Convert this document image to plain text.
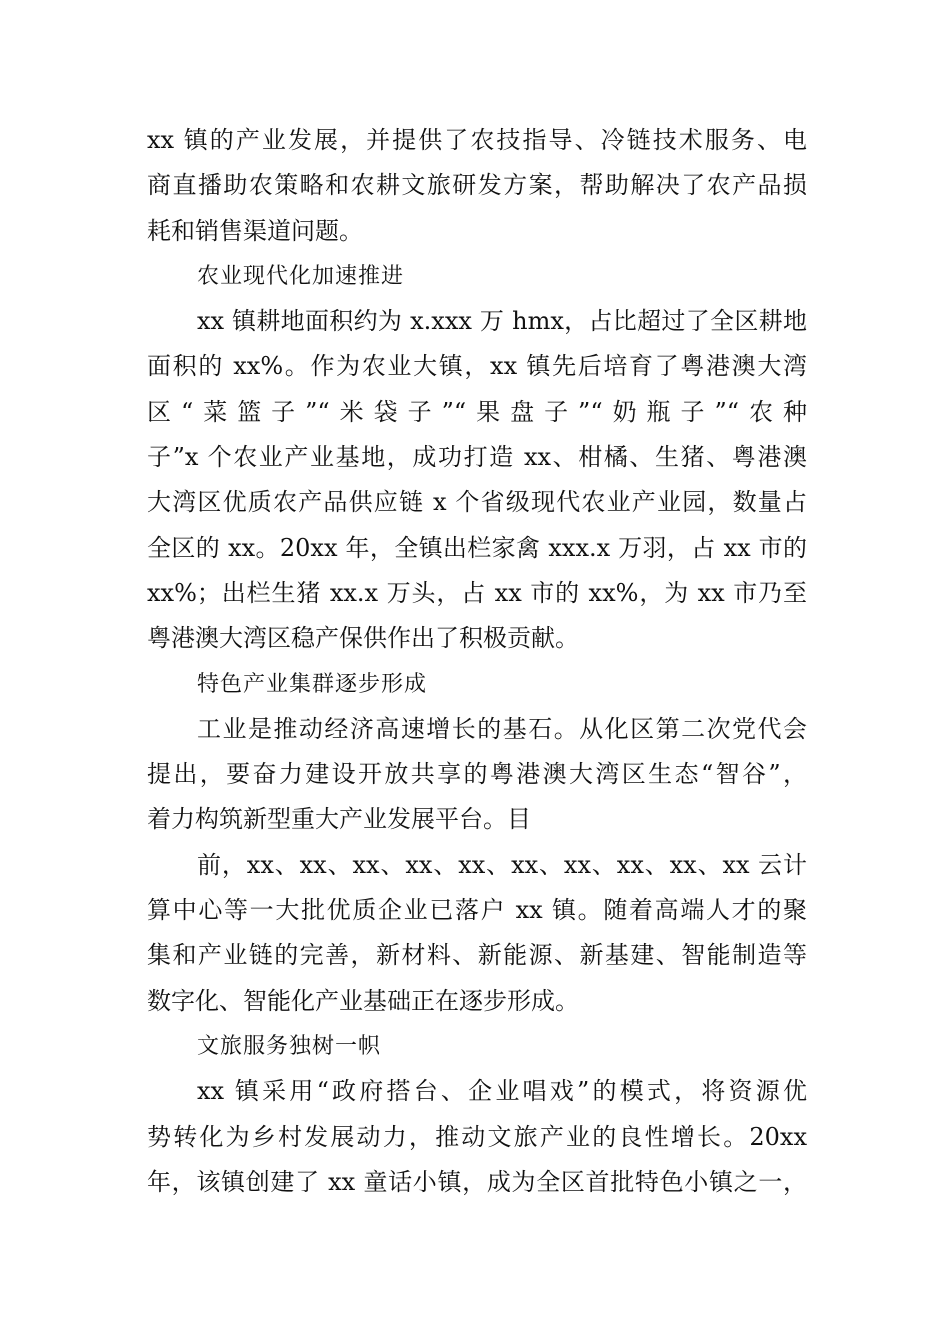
xx 镇的产业发展，并提供了农技指导、冷链技术服务、电
商直播助农策略和农耕文旅研发方案，帮助解决了农产品损
耗和销售渠道问题。
农业现代化加速推进
xx 镇耕地面积约为 x.xxx 万 hmx，占比超过了全区耕地
面积的 xx%。作为农业大镇，xx 镇先后培育了粤港澳大湾
区“菜篮子”“米袋子”“果盘子”“奶瓶子”“农种
子”x 个农业产业基地，成功打造 xx、柑橘、生猪、粤港澳
大湾区优质农产品供应链 x 个省级现代农业产业园，数量占
全区的 xx。20xx 年，全镇出栏家禽 xxx.x 万羽，占 xx 市的
xx%；出栏生猪 xx.x 万头，占 xx 市的 xx%，为 xx 市乃至
粤港澳大湾区稳产保供作出了积极贡献。
特色产业集群逐步形成
工业是推动经济高速增长的基石。从化区第二次党代会
提出，要奋力建设开放共享的粤港澳大湾区生态“智谷”，
着力构筑新型重大产业发展平台。目
前，xx、xx、xx、xx、xx、xx、xx、xx、xx、xx 云计
算中心等一大批优质企业已落户 xx 镇。随着高端人才的聚
集和产业链的完善，新材料、新能源、新基建、智能制造等
数字化、智能化产业基础正在逐步形成。
文旅服务独树一帜
xx 镇采用“政府搭台、企业唱戏”的模式，将资源优
势转化为乡村发展动力，推动文旅产业的良性增长。20xx
年，该镇创建了 xx 童话小镇，成为全区首批特色小镇之一，
